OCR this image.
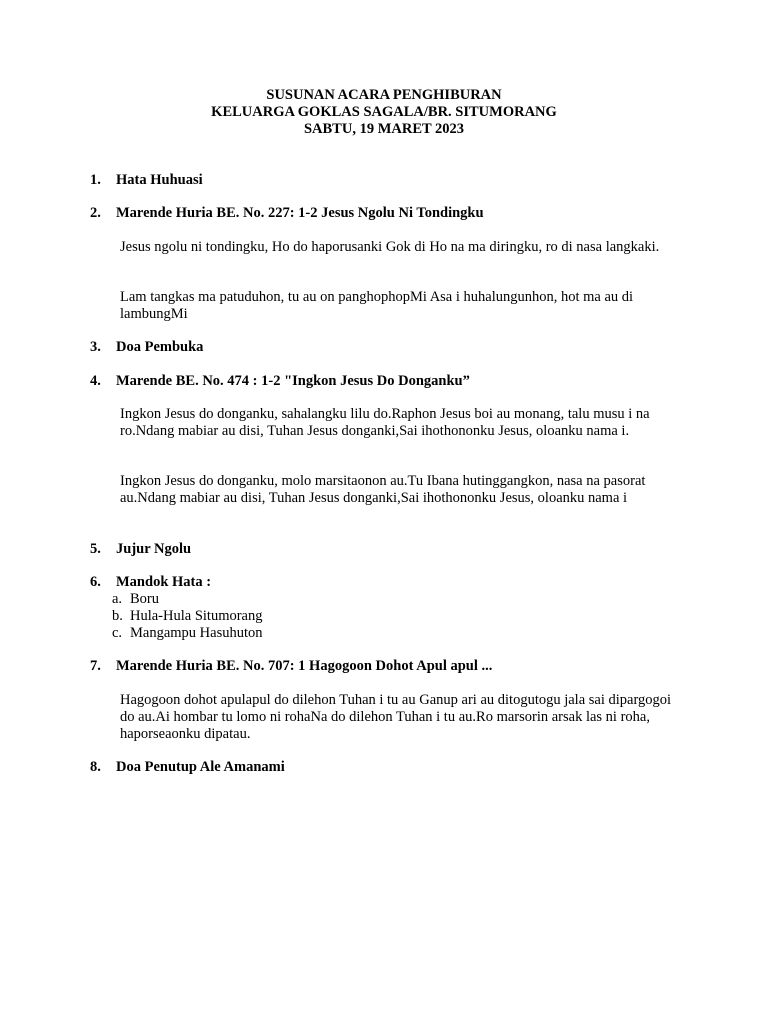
SUSUNAN ACARA PENGHIBURAN
KELUARGA GOKLAS SAGALA/BR. SITUMORANG
SABTU, 19 MARET 2023
1. Hata Huhuasi
2. Marende Huria BE. No. 227: 1-2 Jesus Ngolu Ni Tondingku

Jesus ngolu ni tondingku, Ho do haporusanki Gok di Ho na ma diringku, ro di nasa langkaki.

Lam tangkas ma patuduhon, tu au on panghophopMi Asa i huhalungunhon, hot ma au di lambungMi

3. Doa Pembuka
4. Marende BE. No. 474 : 1-2 "Ingkon Jesus Do Donganku”

Ingkon Jesus do donganku, sahalangku lilu do.Raphon Jesus boi au monang, talu musu i na ro.Ndang mabiar au disi, Tuhan Jesus donganki,Sai ihothononku Jesus, oloanku nama i.

Ingkon Jesus do donganku, molo marsitaonon au.Tu Ibana hutinggangkon, nasa na pasorat au.Ndang mabiar au disi, Tuhan Jesus donganki,Sai ihothononku Jesus, oloanku nama i

5. Jujur Ngolu
6. Mandok Hata :
a. Boru
b. Hula-Hula Situmorang
c. Mangampu Hasuhuton
7. Marende Huria BE. No. 707: 1 Hagogoon Dohot Apul apul ...

Hagogoon dohot apulapul do dilehon Tuhan i tu au Ganup ari au ditogutogu jala sai dipargogoi do au.Ai hombar tu lomo ni rohaNa do dilehon Tuhan i tu au.Ro marsorin arsak las ni roha, haporseaonku dipatau.

8. Doa Penutup Ale Amanami
